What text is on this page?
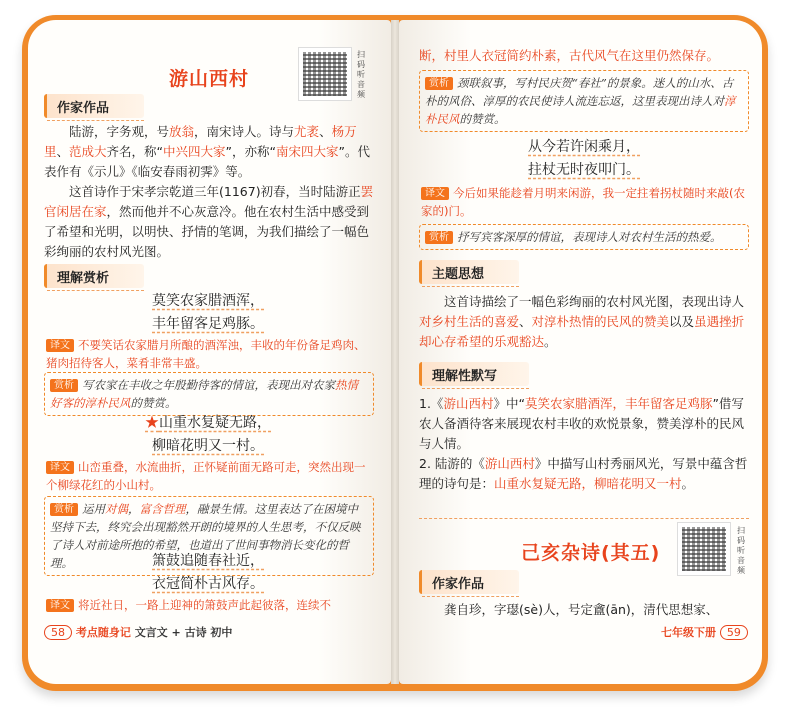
游山西村
扫码听音频
作家作品
陆游，字务观，号放翁，南宋诗人。诗与尤袤、杨万里、范成大齐名，称“中兴四大家”，亦称“南宋四大家”。代表作有《示儿》《临安春雨初霁》等。
这首诗作于宋孝宗乾道三年(1167)初春，当时陆游正罢官闲居在家，然而他并不心灰意冷。他在农村生活中感受到了希望和光明，以明快、抒情的笔调，为我们描绘了一幅色彩绚丽的农村风光图。
理解赏析
莫笑农家腊酒浑，
丰年留客足鸡豚。
译文 不要笑话农家腊月所酿的酒浑浊，丰收的年份备足鸡肉、猪肉招待客人，菜肴非常丰盛。
赏析 写农家在丰收之年殷勤待客的情谊，表现出对农家热情好客的淳朴民风的赞赏。
★山重水复疑无路，
柳暗花明又一村。
译文 山峦重叠，水流曲折，正怀疑前面无路可走，突然出现一个柳绿花红的小山村。
赏析 运用对偶，富含哲理，融景生情。这里表达了在困境中坚持下去，终究会出现豁然开朗的境界的人生思考，不仅反映了诗人对前途所抱的希望，也道出了世间事物消长变化的哲理。	箫鼓追随春社近，
衣冠简朴古风存。
译文 将近社日，一路上迎神的箫鼓声此起彼落，连续不
58 考点随身记 文言文 + 古诗 初中
断，村里人衣冠简约朴素，古代风气在这里仍然保存。
赏析 颈联叙事，写村民庆贺“春社”的景象。迷人的山水、古朴的风俗、淳厚的农民使诗人流连忘返，这里表现出诗人对淳朴民风的赞赏。
从今若许闲乘月，
拄杖无时夜叩门。
译文 今后如果能趁着月明来闲游，我一定拄着拐杖随时来敲(农家的)门。
赏析 抒写宾客深厚的情谊，表现诗人对农村生活的热爱。
主题思想
这首诗描绘了一幅色彩绚丽的农村风光图，表现出诗人对乡村生活的喜爱、对淳朴热情的民风的赞美以及虽遇挫折却心存希望的乐观豁达。
理解性默写
1.《游山西村》中“莫笑农家腊酒浑，丰年留客足鸡豚”借写农人备酒待客来展现农村丰收的欢悦景象，赞美淳朴的民风与人情。
2. 陆游的《游山西村》中描写山村秀丽风光，写景中蕴含哲理的诗句是：山重水复疑无路，柳暗花明又一村。
己亥杂诗(其五)
扫码听音频
作家作品
龚自珍，字璱(sè)人，号定盦(ān)，清代思想家、
七年级下册 59
